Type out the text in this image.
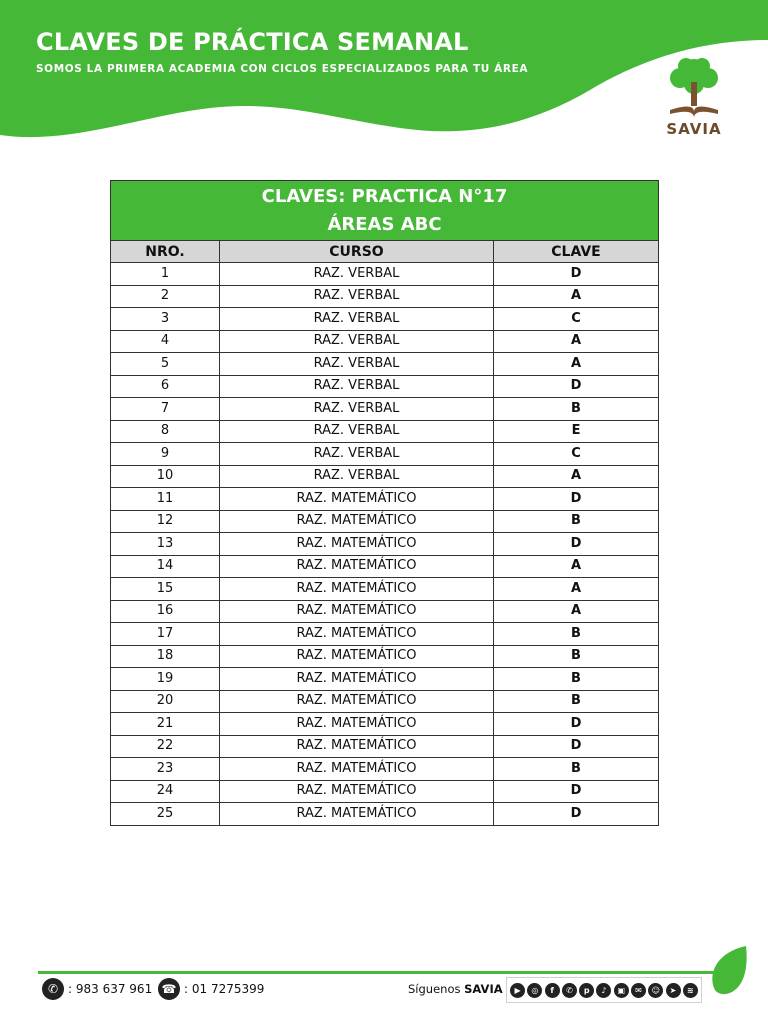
CLAVES DE PRÁCTICA SEMANAL

SOMOS LA PRIMERA ACADEMIA CON CICLOS ESPECIALIZADOS PARA TU ÁREA

SAVIA
CLAVES: PRACTICA N°17
ÁREAS ABC		

NRO.	CURSO	CLAVE
1	RAZ. VERBAL	D
2	RAZ. VERBAL	A
3	RAZ. VERBAL	C
4	RAZ. VERBAL	A
5	RAZ. VERBAL	A
6	RAZ. VERBAL	D
7	RAZ. VERBAL	B
8	RAZ. VERBAL	E
9	RAZ. VERBAL	C
10	RAZ. VERBAL	A
11	RAZ. MATEMÁTICO	D
12	RAZ. MATEMÁTICO	B
13	RAZ. MATEMÁTICO	D
14	RAZ. MATEMÁTICO	A
15	RAZ. MATEMÁTICO	A
16	RAZ. MATEMÁTICO	A
17	RAZ. MATEMÁTICO	B
18	RAZ. MATEMÁTICO	B
19	RAZ. MATEMÁTICO	B
20	RAZ. MATEMÁTICO	B
21	RAZ. MATEMÁTICO	D
22	RAZ. MATEMÁTICO	D
23	RAZ. MATEMÁTICO	B
24	RAZ. MATEMÁTICO	D
25	RAZ. MATEMÁTICO	D
✆ : 983 637 961 ☎ : 01 7275399	Síguenos SAVIA	▶	◎	f	✆	p	♪	▣	✉	☺	➤	≋
